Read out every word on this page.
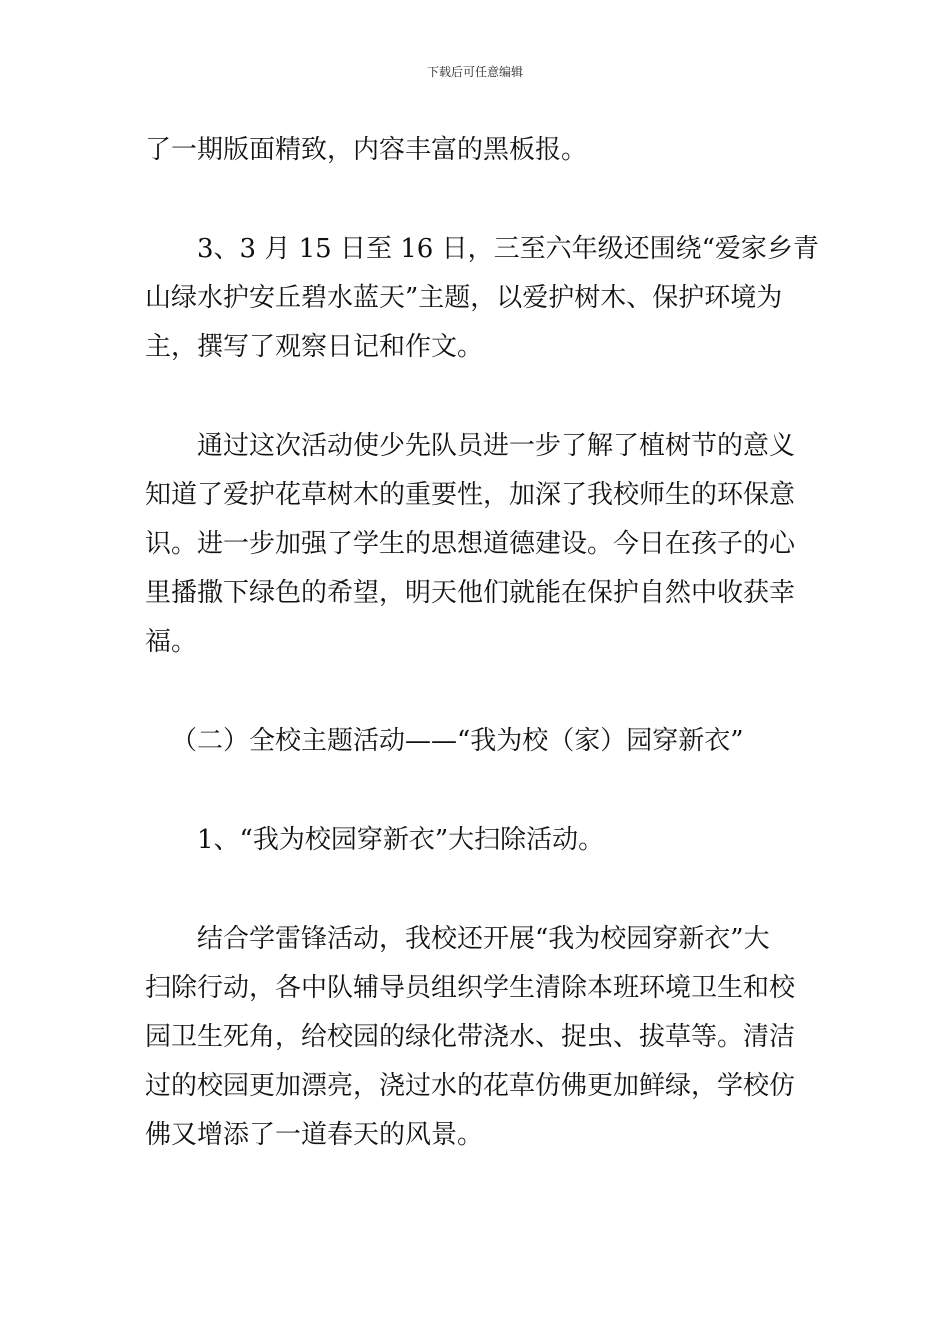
下载后可任意编辑
了一期版面精致，内容丰富的黑板报。
3、3 月 15 日至 16 日，三至六年级还围绕“爱家乡青
山绿水护安丘碧水蓝天”主题，以爱护树木、保护环境为
主，撰写了观察日记和作文。
通过这次活动使少先队员进一步了解了植树节的意义
知道了爱护花草树木的重要性，加深了我校师生的环保意
识。进一步加强了学生的思想道德建设。今日在孩子的心
里播撒下绿色的希望，明天他们就能在保护自然中收获幸
福。
（二）全校主题活动——“我为校（家）园穿新衣”
1、“我为校园穿新衣”大扫除活动。
结合学雷锋活动，我校还开展“我为校园穿新衣”大
扫除行动，各中队辅导员组织学生清除本班环境卫生和校
园卫生死角，给校园的绿化带浇水、捉虫、拔草等。清洁
过的校园更加漂亮，浇过水的花草仿佛更加鲜绿，学校仿
佛又增添了一道春天的风景。
